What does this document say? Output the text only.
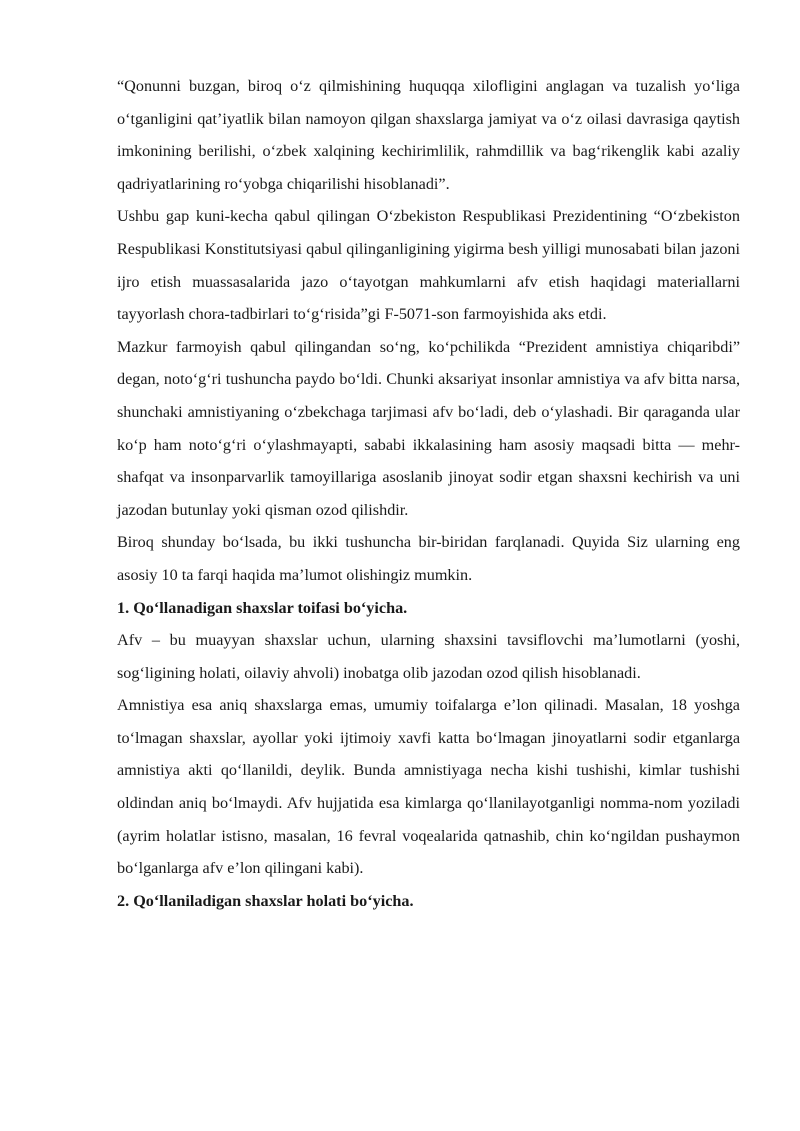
“Qonunni buzgan, biroq o‘z qilmishining huquqqa xilofligini anglagan va tuzalish yo‘liga o‘tganligini qat’iyatlik bilan namoyon qilgan shaxslarga jamiyat va o‘z oilasi davrasiga qaytish imkonining berilishi, o‘zbek xalqining kechirimlilik, rahmdillik va bag‘rikenglik kabi azaliy qadriyatlarining ro‘yobga chiqarilishi hisoblanadi”.

Ushbu gap kuni-kecha qabul qilingan O‘zbekiston Respublikasi Prezidentining “O‘zbekiston Respublikasi Konstitutsiyasi qabul qilinganligining yigirma besh yilligi munosabati bilan jazoni ijro etish muassasalarida jazo o‘tayotgan mahkumlarni afv etish haqidagi materiallarni tayyorlash chora-tadbirlari to‘g‘risida”gi F-5071-son farmoyishida aks etdi.

Mazkur farmoyish qabul qilingandan so‘ng, ko‘pchilikda “Prezident amnistiya chiqaribdi” degan, noto‘g‘ri tushuncha paydo bo‘ldi. Chunki aksariyat insonlar amnistiya va afv bitta narsa, shunchaki amnistiyaning o‘zbekchaga tarjimasi afv bo‘ladi, deb o‘ylashadi. Bir qaraganda ular ko‘p ham noto‘g‘ri o‘ylashmayapti, sababi ikkalasining ham asosiy maqsadi bitta — mehr-shafqat va insonparvarlik tamoyillariga asoslanib jinoyat sodir etgan shaxsni kechirish va uni jazodan butunlay yoki qisman ozod qilishdir.

Biroq shunday bo‘lsada, bu ikki tushuncha bir-biridan farqlanadi. Quyida Siz ularning eng asosiy 10 ta farqi haqida ma’lumot olishingiz mumkin.

1. Qo‘llanadigan shaxslar toifasi bo‘yicha.

Afv – bu muayyan shaxslar uchun, ularning shaxsini tavsiflovchi ma’lumotlarni (yoshi, sog‘ligining holati, oilaviy ahvoli) inobatga olib jazodan ozod qilish hisoblanadi.

Amnistiya esa aniq shaxslarga emas, umumiy toifalarga e’lon qilinadi. Masalan, 18 yoshga to‘lmagan shaxslar, ayollar yoki ijtimoiy xavfi katta bo‘lmagan jinoyatlarni sodir etganlarga amnistiya akti qo‘llanildi, deylik. Bunda amnistiyaga necha kishi tushishi, kimlar tushishi oldindan aniq bo‘lmaydi. Afv hujjatida esa kimlarga qo‘llanilayotganligi nomma-nom yoziladi (ayrim holatlar istisno, masalan, 16 fevral voqealarida qatnashib, chin ko‘ngildan pushaymon bo‘lganlarga afv e’lon qilingani kabi).

2. Qo‘llaniladigan shaxslar holati bo‘yicha.
